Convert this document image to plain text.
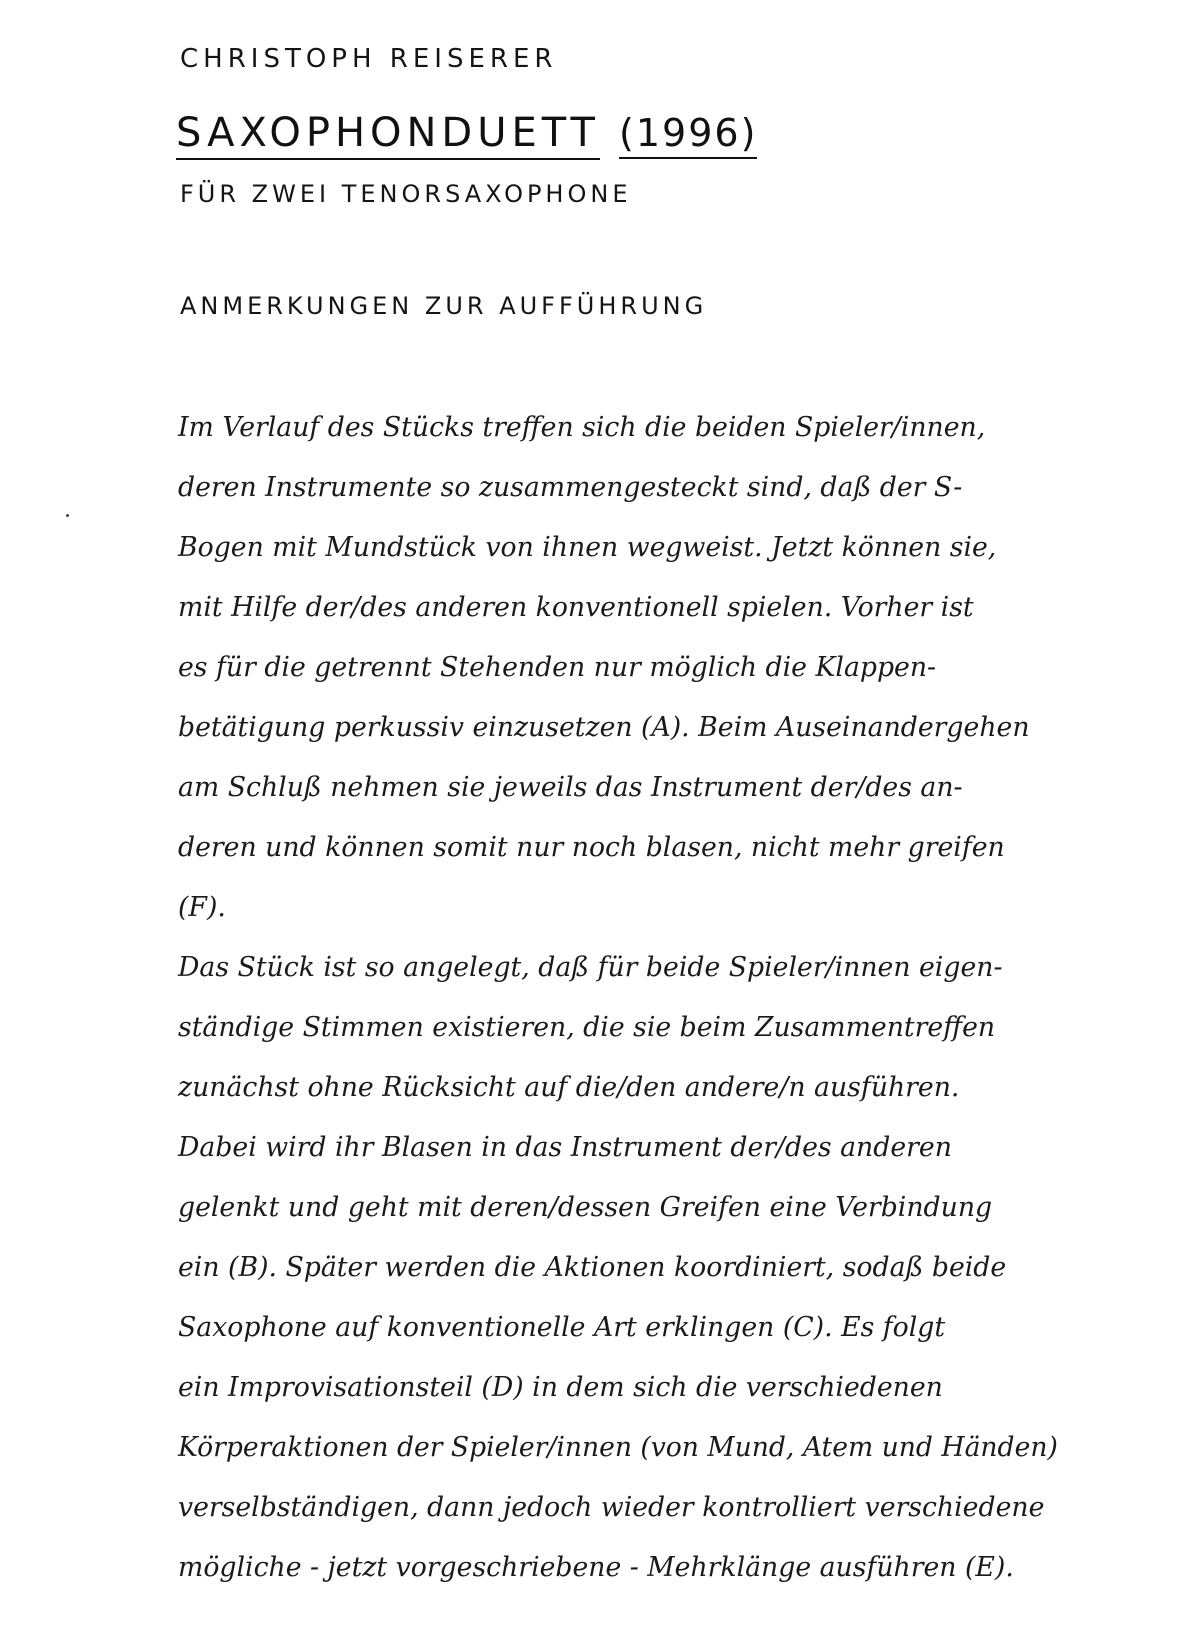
CHRISTOPH REISERER
SAXOPHONDUETT (1996)
FÜR ZWEI TENORSAXOPHONE
ANMERKUNGEN ZUR AUFFÜHRUNG
Im Verlauf des Stücks treffen sich die beiden Spieler/innen,
deren Instrumente so zusammengesteckt sind, daß der S-
Bogen mit Mundstück von ihnen wegweist. Jetzt können sie,
mit Hilfe der/des anderen konventionell spielen. Vorher ist
es für die getrennt Stehenden nur möglich die Klappen-
betätigung perkussiv einzusetzen (A). Beim Auseinandergehen
am Schluß nehmen sie jeweils das Instrument der/des an-
deren und können somit nur noch blasen, nicht mehr greifen
(F).
Das Stück ist so angelegt, daß für beide Spieler/innen eigen-
ständige Stimmen existieren, die sie beim Zusammentreffen
zunächst ohne Rücksicht auf die/den andere/n ausführen.
Dabei wird ihr Blasen in das Instrument der/des anderen
gelenkt und geht mit deren/dessen Greifen eine Verbindung
ein (B). Später werden die Aktionen koordiniert, sodaß beide
Saxophone auf konventionelle Art erklingen (C). Es folgt
ein Improvisationsteil (D) in dem sich die verschiedenen
Körperaktionen der Spieler/innen (von Mund, Atem und Händen)
verselbständigen, dann jedoch wieder kontrolliert verschiedene
mögliche - jetzt vorgeschriebene - Mehrklänge ausführen (E).
